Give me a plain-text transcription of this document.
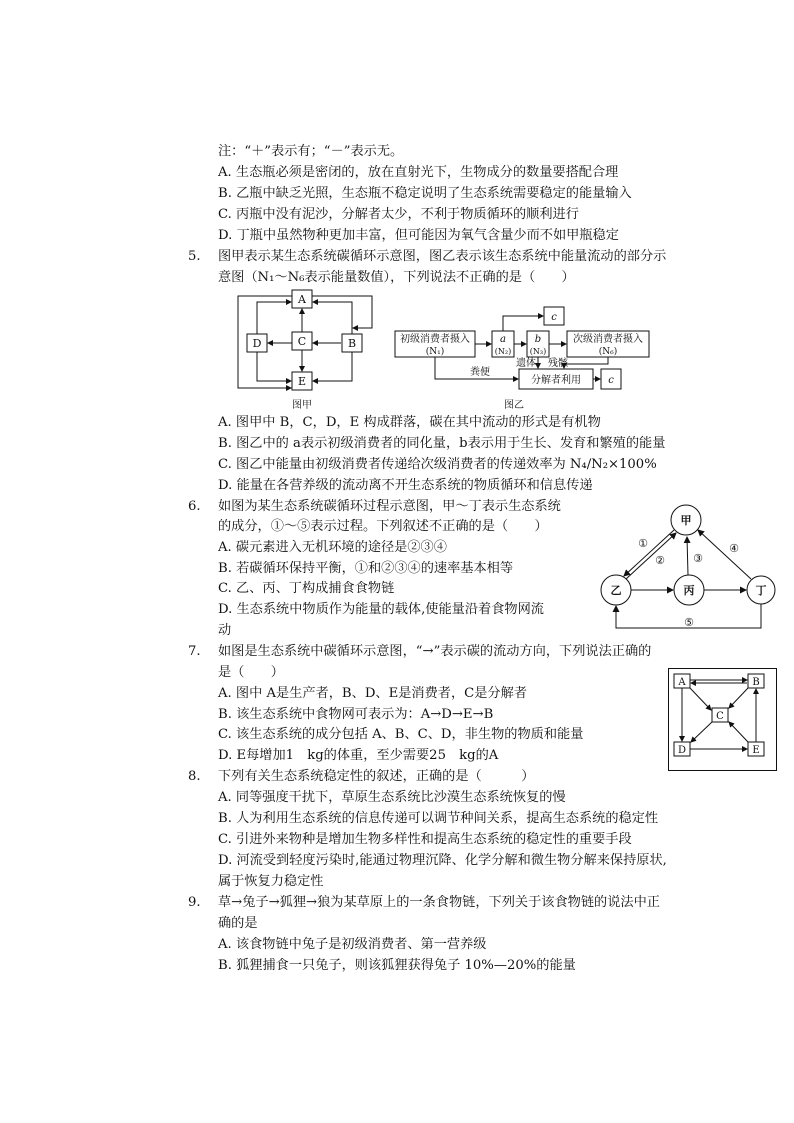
注：“＋”表示有；“－”表示无。
A. 生态瓶必须是密闭的，放在直射光下，生物成分的数量要搭配合理
B. 乙瓶中缺乏光照，生态瓶不稳定说明了生态系统需要稳定的能量输入
C. 丙瓶中没有泥沙，分解者太少，不利于物质循环的顺利进行
D. 丁瓶中虽然物种更加丰富，但可能因为氧气含量少而不如甲瓶稳定
5. 图甲表示某生态系统碳循环示意图，图乙表示该生态系统中能量流动的部分示
意图（N₁～N₆表示能量数值），下列说法不正确的是（　　）
A
D	C	B
E
图甲
初级消费者摄入
(N₁)
a
(N₂)
b
(N₃)
c
次级消费者摄入
(N₆)
分解者利用	c
遗体 残骸
粪便
图乙
A. 图甲中 B，C，D，E 构成群落，碳在其中流动的形式是有机物
B. 图乙中的 a表示初级消费者的同化量，b表示用于生长、发育和繁殖的能量
C. 图乙中能量由初级消费者传递给次级消费者的传递效率为 N₄/N₂×100%
D. 能量在各营养级的流动离不开生态系统的物质循环和信息传递
6. 如图为某生态系统碳循环过程示意图，甲～丁表示生态系统
的成分，①～⑤表示过程。下列叙述不正确的是（　　）
A. 碳元素进入无机环境的途径是②③④
B. 若碳循环保持平衡，①和②③④的速率基本相等
C. 乙、丙、丁构成捕食食物链
D. 生态系统中物质作为能量的载体,使能量沿着食物网流
动
甲
乙	丙	丁
①
②	③
④
⑤
7. 如图是生态系统中碳循环示意图，“→”表示碳的流动方向，下列说法正确的
是（　　）
A. 图中 A是生产者，B、D、E是消费者，C是分解者
B. 该生态系统中食物网可表示为：A→D→E→B
C. 该生态系统的成分包括 A、B、C、D，非生物的物质和能量
D. E每增加1　kg的体重，至少需要25　kg的A
A	B
C
D	E
8. 下列有关生态系统稳定性的叙述，正确的是（　　　）
A. 同等强度干扰下，草原生态系统比沙漠生态系统恢复的慢
B. 人为利用生态系统的信息传递可以调节种间关系，提高生态系统的稳定性
C. 引进外来物种是增加生物多样性和提高生态系统的稳定性的重要手段
D. 河流受到轻度污染时,能通过物理沉降、化学分解和微生物分解来保持原状,
属于恢复力稳定性
9. 草→兔子→狐狸→狼为某草原上的一条食物链，下列关于该食物链的说法中正
确的是
A. 该食物链中兔子是初级消费者、第一营养级
B. 狐狸捕食一只兔子，则该狐狸获得兔子 10%—20%的能量
